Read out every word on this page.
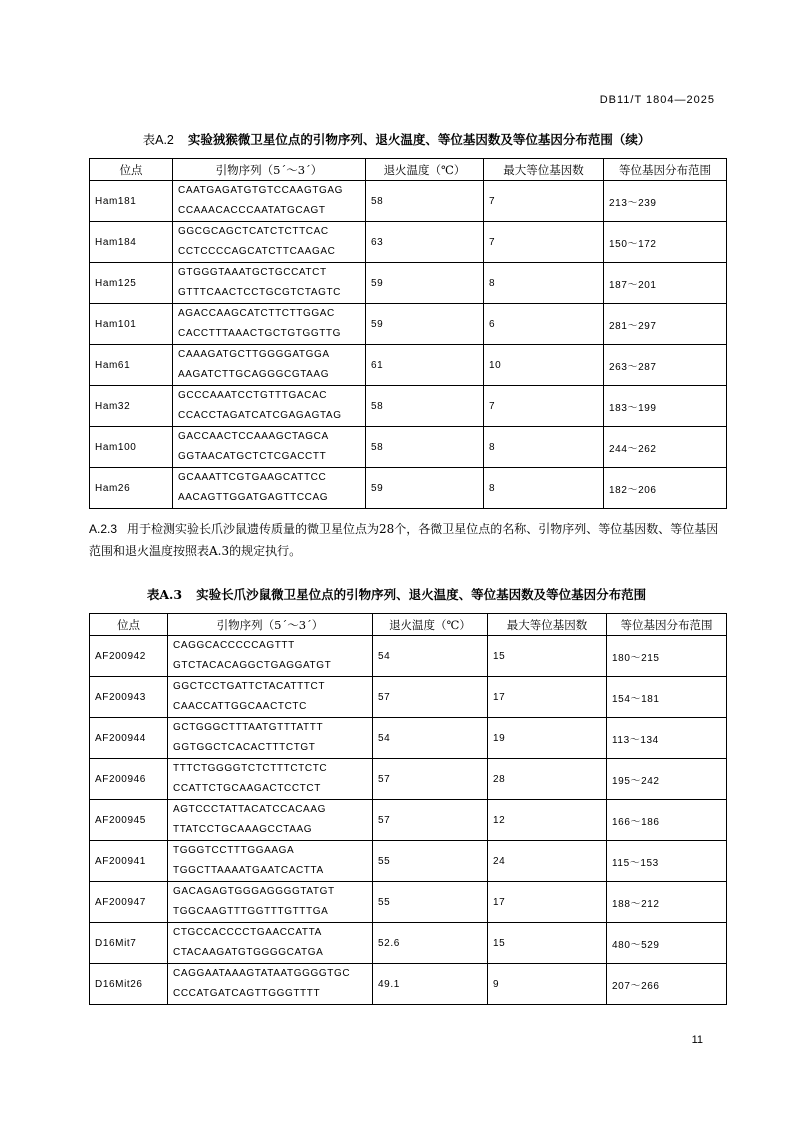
DB11/T 1804—2025
表A.2 实验狨猴微卫星位点的引物序列、退火温度、等位基因数及等位基因分布范围（续）
位点	引物序列（5´～3´）	退火温度（℃）	最大等位基因数	等位基因分布范围
Ham181	CAATGAGATGTGTCCAAGTGAG
CCAAACACCCAATATGCAGT	58	7	213～239
Ham184	GGCGCAGCTCATCTCTTCAC
CCTCCCCAGCATCTTCAAGAC	63	7	150～172
Ham125	GTGGGTAAATGCTGCCATCT
GTTTCAACTCCTGCGTCTAGTC	59	8	187～201
Ham101	AGACCAAGCATCTTCTTGGAC
CACCTTTAAACTGCTGTGGTTG	59	6	281～297
Ham61	CAAAGATGCTTGGGGATGGA
AAGATCTTGCAGGGCGTAAG	61	10	263～287
Ham32	GCCCAAATCCTGTTTGACAC
CCACCTAGATCATCGAGAGTAG	58	7	183～199
Ham100	GACCAACTCCAAAGCTAGCA
GGTAACATGCTCTCGACCTT	58	8	244～262
Ham26	GCAAATTCGTGAAGCATTCC
AACAGTTGGATGAGTTCCAG	59	8	182～206
A.2.3 用于检测实验长爪沙鼠遗传质量的微卫星位点为28个，各微卫星位点的名称、引物序列、等位基因数、等位基因范围和退火温度按照表A.3的规定执行。
表A.3 实验长爪沙鼠微卫星位点的引物序列、退火温度、等位基因数及等位基因分布范围
位点	引物序列（5´～3´）	退火温度（℃）	最大等位基因数	等位基因分布范围
AF200942	CAGGCACCCCCAGTTT
GTCTACACAGGCTGAGGATGT	54	15	180～215
AF200943	GGCTCCTGATTCTACATTTCT
CAACCATTGGCAACTCTC	57	17	154～181
AF200944	GCTGGGCTTTAATGTTTATTT
GGTGGCTCACACTTTCTGT	54	19	113～134
AF200946	TTTCTGGGGTCTCTTTCTCTC
CCATTCTGCAAGACTCCTCT	57	28	195～242
AF200945	AGTCCCTATTACATCCACAAG
TTATCCTGCAAAGCCTAAG	57	12	166～186
AF200941	TGGGTCCTTTGGAAGA
TGGCTTAAAATGAATCACTTA	55	24	115～153
AF200947	GACAGAGTGGGAGGGGTATGT
TGGCAAGTTTGGTTTGTTTGA	55	17	188～212
D16Mit7	CTGCCACCCCTGAACCATTA
CTACAAGATGTGGGGCATGA	52.6	15	480～529
D16Mit26	CAGGAATAAAGTATAATGGGGTGC
CCCATGATCAGTTGGGTTTT	49.1	9	207～266
11
